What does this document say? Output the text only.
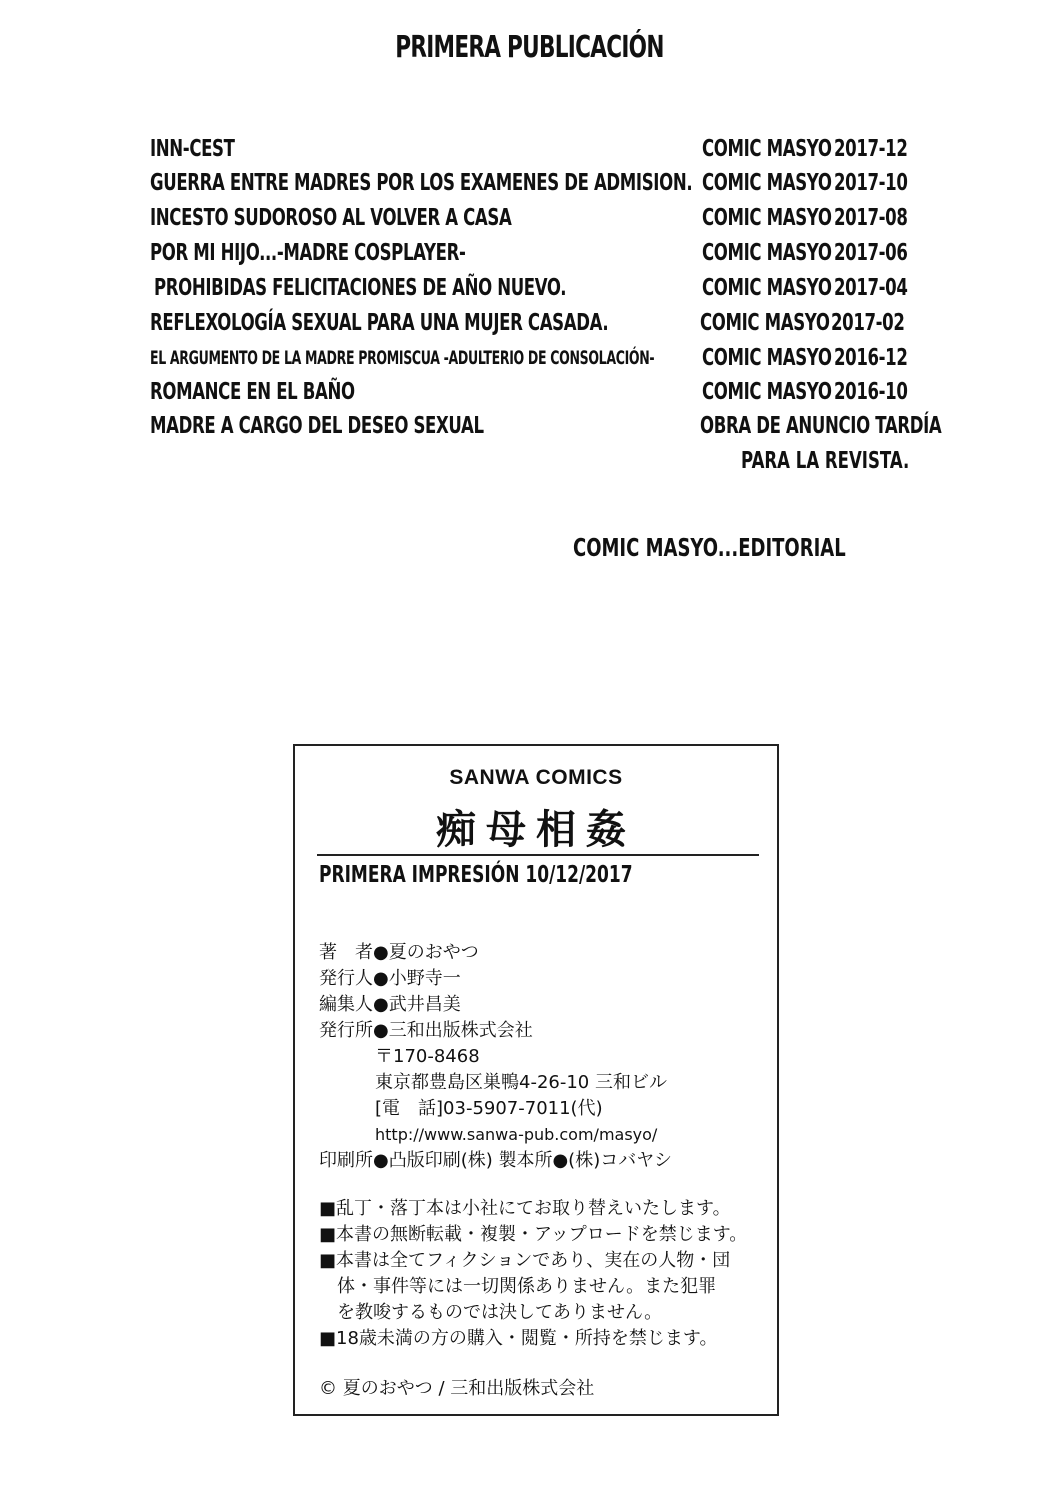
PRIMERA PUBLICACIÓN
INN-CEST	COMIC MASYO 2017-12
GUERRA ENTRE MADRES POR LOS EXAMENES DE ADMISION. COMIC MASYO 2017-10
INCESTO SUDOROSO AL VOLVER A CASA	COMIC MASYO 2017-08
POR MI HIJO...-MADRE COSPLAYER-	COMIC MASYO 2017-06
PROHIBIDAS FELICITACIONES DE AÑO NUEVO.	COMIC MASYO 2017-04
REFLEXOLOGÍA SEXUAL PARA UNA MUJER CASADA.	COMIC MASYO 2017-02
EL ARGUMENTO DE LA MADRE PROMISCUA -ADULTERIO DE CONSOLACIÓN- COMIC MASYO 2016-12
ROMANCE EN EL BAÑO	COMIC MASYO 2016-10
MADRE A CARGO DEL DESEO SEXUAL	OBRA DE ANUNCIO TARDÍA
PARA LA REVISTA.
COMIC MASYO...EDITORIAL
SANWA COMICS
痴母相姦
PRIMERA IMPRESIÓN 10/12/2017
著　者●夏のおやつ
発行人●小野寺一
編集人●武井昌美
発行所●三和出版株式会社
〒170-8468
東京都豊島区巣鴨4-26-10 三和ビル
[電　話]03-5907-7011(代)
http://www.sanwa-pub.com/masyo/
印刷所●凸版印刷(株) 製本所●(株)コバヤシ
■乱丁・落丁本は小社にてお取り替えいたします。
■本書の無断転載・複製・アップロードを禁じます。
■本書は全てフィクションであり、実在の人物・団
体・事件等には一切関係ありません。また犯罪
を教唆するものでは決してありません。
■18歳未満の方の購入・閲覧・所持を禁じます。
© 夏のおやつ / 三和出版株式会社
